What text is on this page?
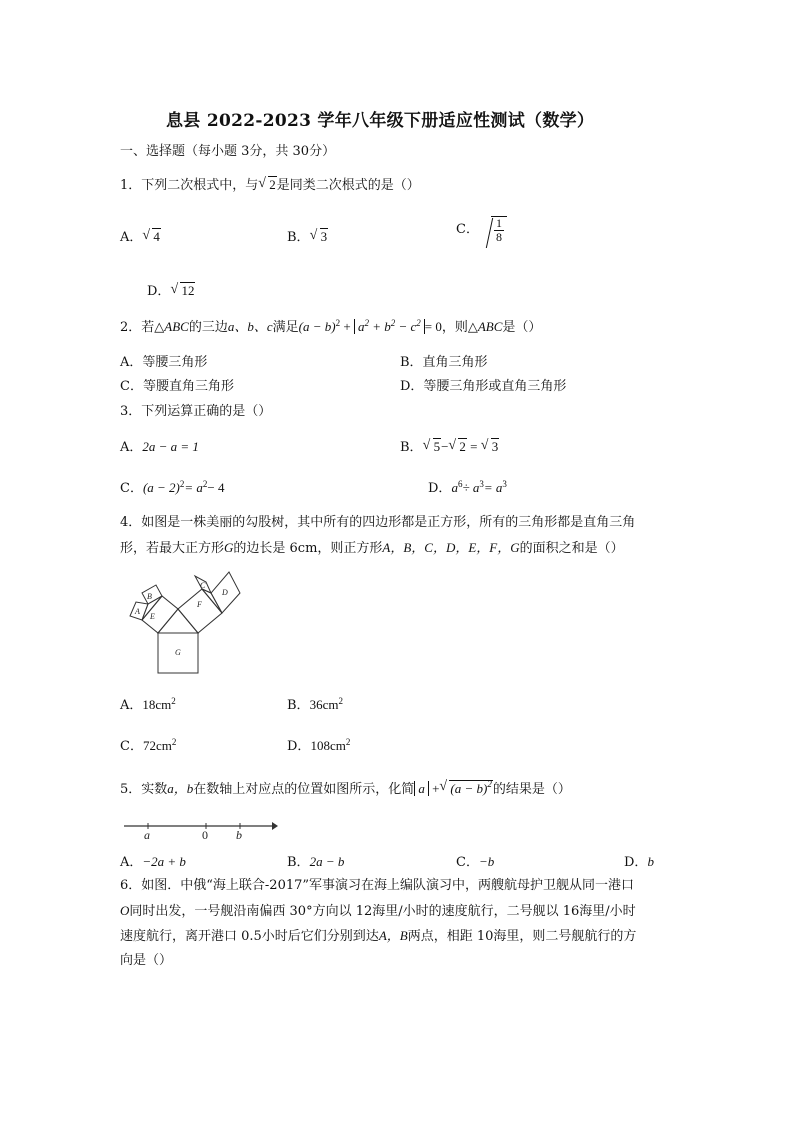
息县 2022-2023 学年八年级下册适应性测试（数学）
一、选择题（每小题 3分，共 30分）
1．下列二次根式中，与 √ 2是同类二次根式的是（）
A． √ 4	B． √ 3	C． $\frac{1}{8}$
D． √ 12
2．若△ABC的三边a、b、c满足$(a - b)^2 + a^2 + b^2 - c^2 = 0$，则△ABC是（）
A．等腰三角形	B．直角三角形
C．等腰直角三角形	D．等腰三角形或直角三角形
3．下列运算正确的是（）
A．2a − a = 1	B． √ 5− √ 2 = √ 3
C．$(a - 2)^2= a^2- 4$	D．$a^6\div a^3= a^3$
4．如图是一株美丽的勾股树，其中所有的四边形都是正方形，所有的三角形都是直角三角
形，若最大正方形G的边长是 6cm，则正方形A，B，C，D，E，F，G的面积之和是（）
G
F
E
C
D
B
A
A．$18cm^2$	B．$36cm^2$
C．$72cm^2$	D．$108cm^2$
5．实数a，b在数轴上对应点的位置如图所示，化简 a + √ $(a - b)^2$的结果是（）
a	0 b
A．−2a + b	B．2a − b	C．−b	D．b
6．如图．中俄“海上联合-2017”军事演习在海上编队演习中，两艘航母护卫舰从同一港口
O同时出发，一号舰沿南偏西 30°方向以 12海里/小时的速度航行，二号舰以 16海里/小时
速度航行，离开港口 0.5小时后它们分别到达A，B两点，相距 10海里，则二号舰航行的方
向是（）
